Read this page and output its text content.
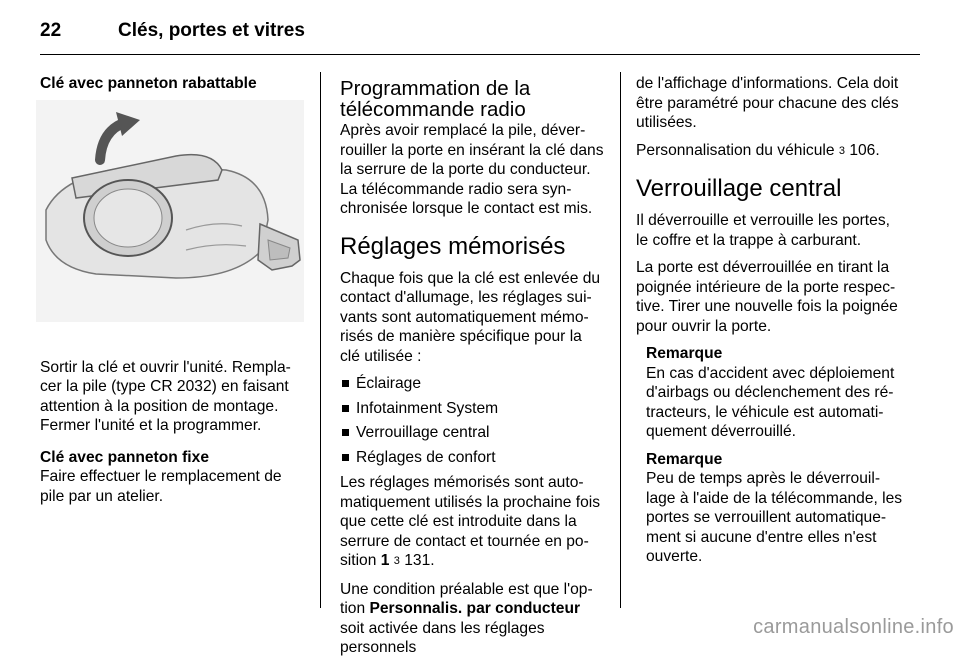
22	Clés, portes et vitres

Clé avec panneton rabattable

Sortir la clé et ouvrir l'unité. Rempla-cer la pile (type CR 2032) en faisant attention à la position de montage. Fermer l'unité et la programmer.

Clé avec panneton fixe

Faire effectuer le remplacement de pile par un atelier.

Programmation de la télécommande radio

Après avoir remplacé la pile, déver-rouiller la porte en insérant la clé dans la serrure de la porte du conducteur. La télécommande radio sera syn-chronisée lorsque le contact est mis.

Réglages mémorisés

Chaque fois que la clé est enlevée du contact d'allumage, les réglages sui-vants sont automatiquement mémo-risés de manière spécifique pour la clé utilisée :

Éclairage
Infotainment System
Verrouillage central
Réglages de confort

Les réglages mémorisés sont auto-matiquement utilisés la prochaine fois que cette clé est introduite dans la serrure de contact et tournée en po-sition 1 3 131.

Une condition préalable est que l'op-tion Personnalis. par conducteur soit activée dans les réglages personnels

de l'affichage d'informations. Cela doit être paramétré pour chacune des clés utilisées.

Personnalisation du véhicule 3 106.

Verrouillage central

Il déverrouille et verrouille les portes, le coffre et la trappe à carburant.

La porte est déverrouillée en tirant la poignée intérieure de la porte respec-tive. Tirer une nouvelle fois la poignée pour ouvrir la porte.

Remarque

En cas d'accident avec déploiement d'airbags ou déclenchement des ré-tracteurs, le véhicule est automati-quement déverrouillé.

Remarque

Peu de temps après le déverrouil-lage à l'aide de la télécommande, les portes se verrouillent automatique-ment si aucune d'entre elles n'est ouverte.

carmanualsonline.info
